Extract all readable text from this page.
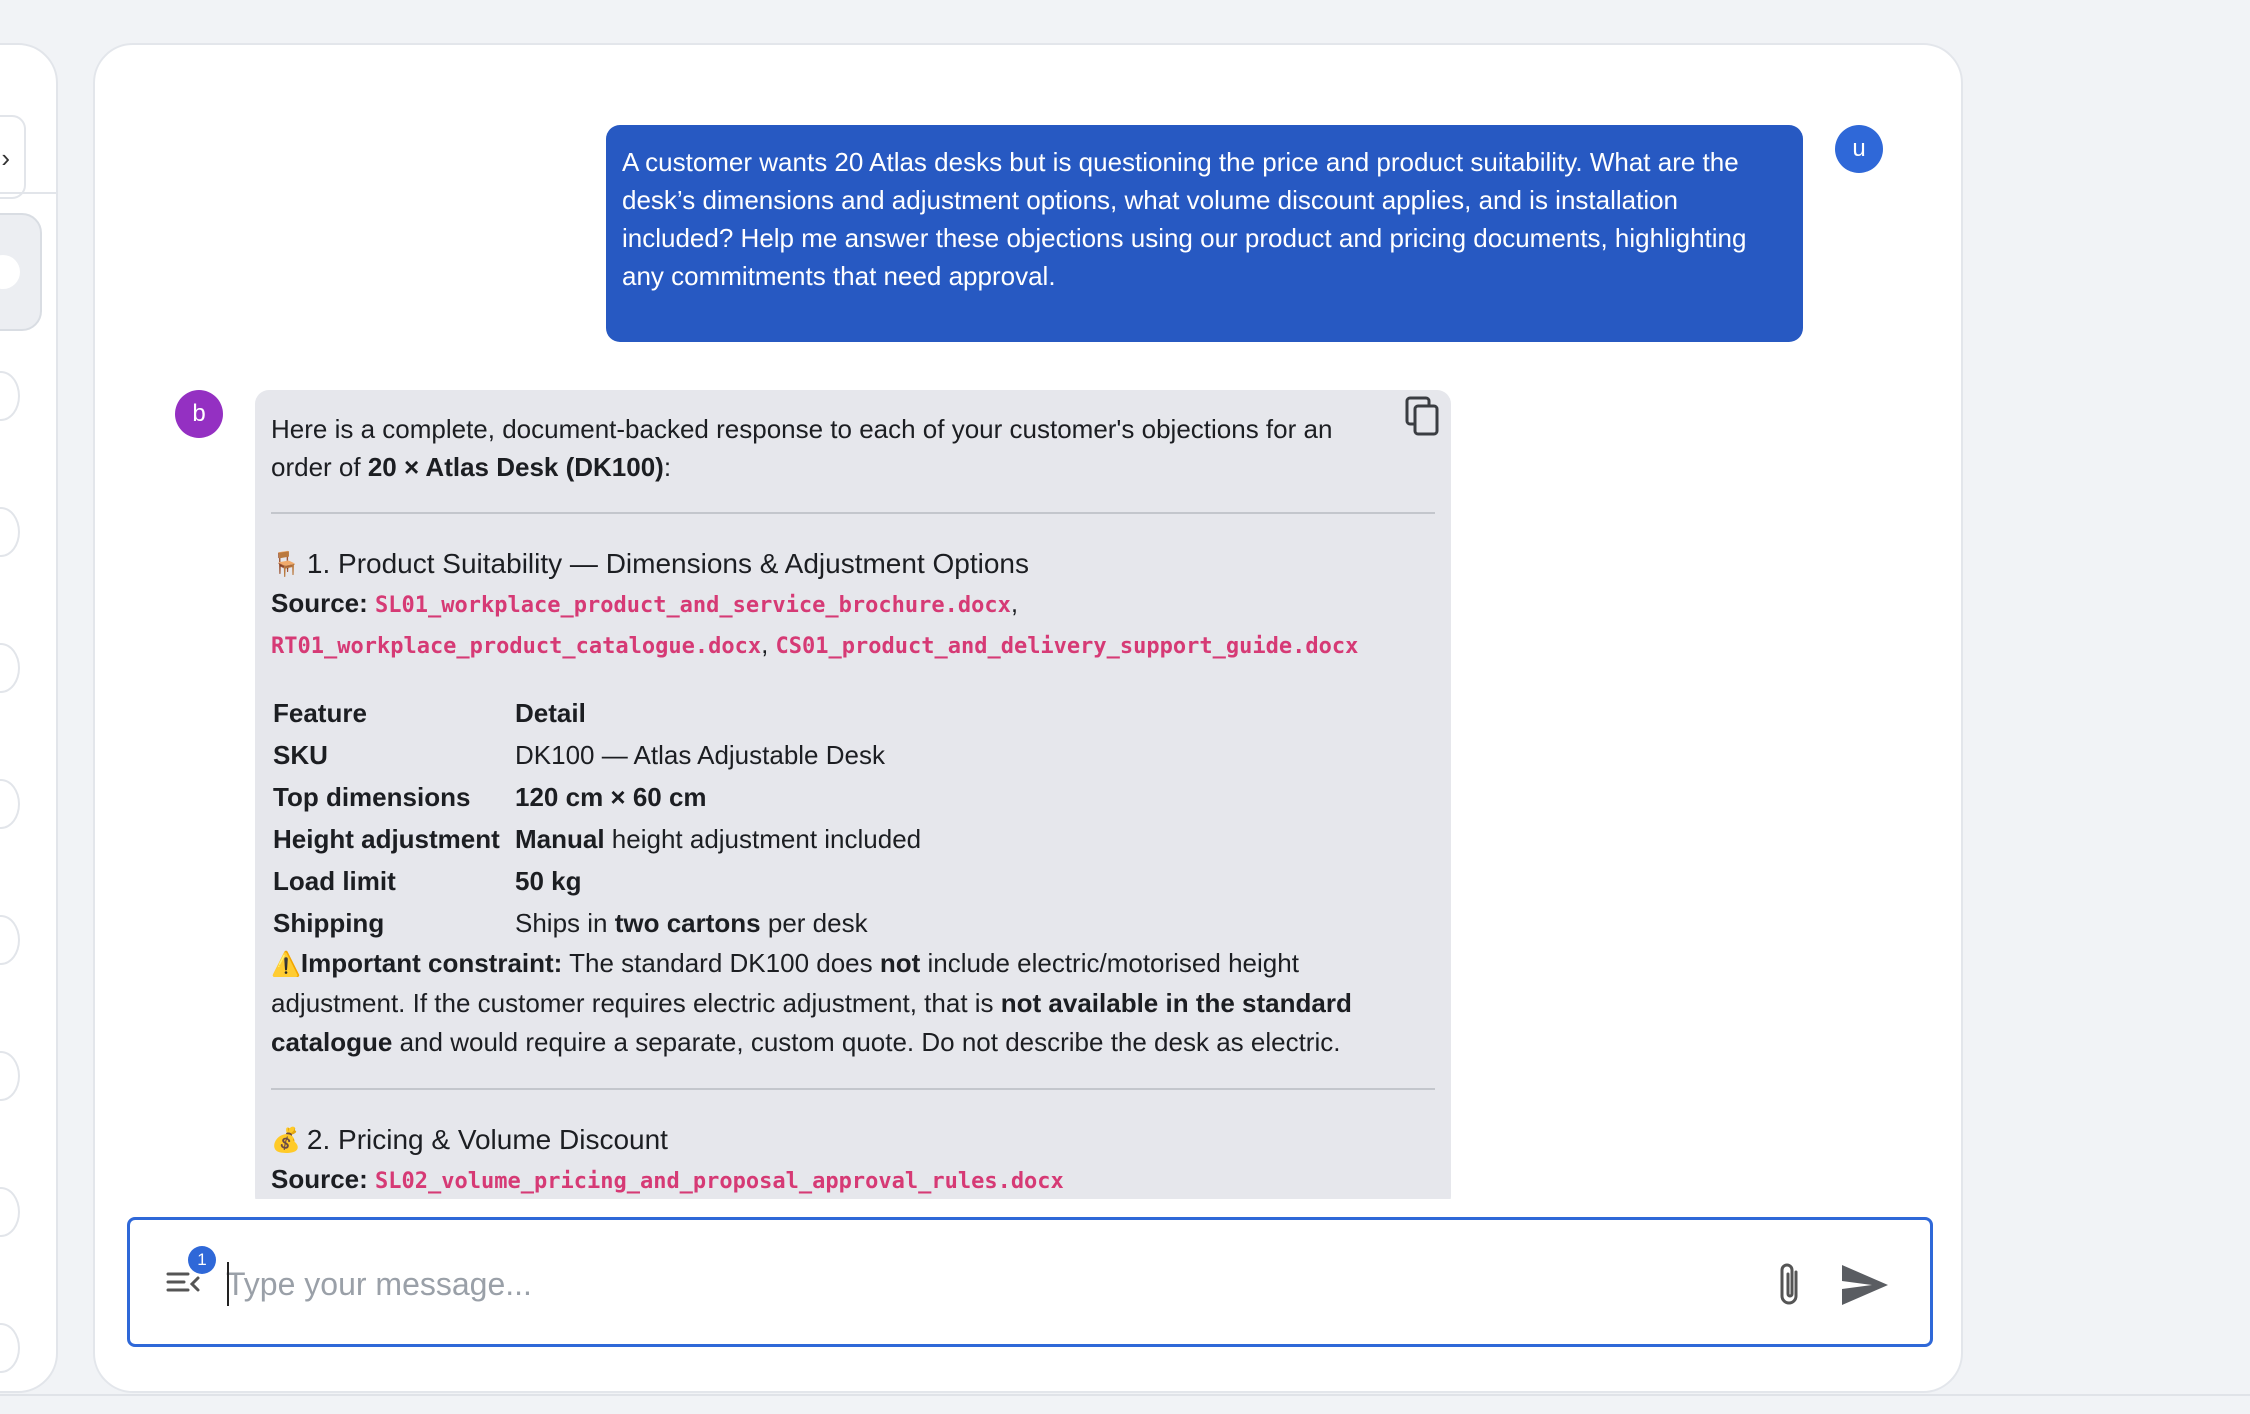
›	A customer wants 20 Atlas desks but is questioning the price and product suitability. What are the desk’s dimensions and adjustment options, what volume discount applies, and is installation included? Help me answer these objections using our product and pricing documents, highlighting any commitments that need approval.
u
b

Here is a complete, document-backed response to each of your customer's objections for an order of 20 × Atlas Desk (DK100):

🪑 1. Product Suitability — Dimensions & Adjustment Options
Source: SL01_workplace_product_and_service_brochure.docx,
RT01_workplace_product_catalogue.docx, CS01_product_and_delivery_support_guide.docx
Feature	Detail
SKU	DK100 — Atlas Adjustable Desk
Top dimensions	120 cm × 60 cm
Height adjustment	Manual height adjustment included
Load limit	50 kg
Shipping	Ships in two cartons per desk

⚠️Important constraint: The standard DK100 does not include electric/motorised height adjustment. If the customer requires electric adjustment, that is not available in the standard catalogue and would require a separate, custom quote. Do not describe the desk as electric.

💰 2. Pricing & Volume Discount
Source: SL02_volume_pricing_and_proposal_approval_rules.docx
1
Type your message...
